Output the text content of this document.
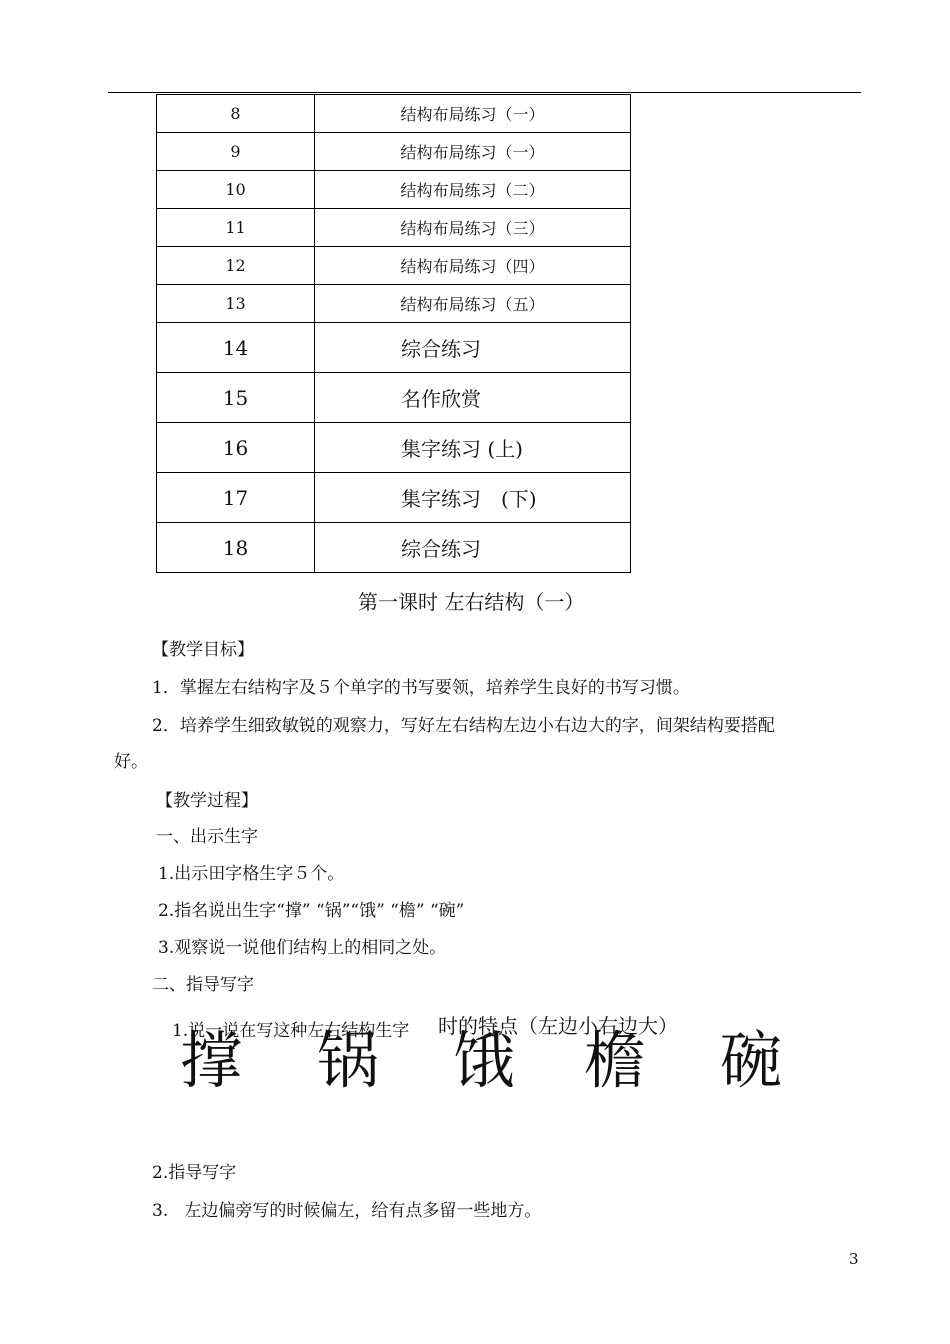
8	结构布局练习（一）
9	结构布局练习（一）
10	结构布局练习（二）
11	结构布局练习（三）
12	结构布局练习（四）
13	结构布局练习（五）
14	综合练习
15	名作欣赏
16	集字练习 (上)
17	集字练习　(下)
18	综合练习
第一课时 左右结构（一）
【教学目标】
1．掌握左右结构字及５个单字的书写要领，培养学生良好的书写习惯。
2．培养学生细致敏锐的观察力，写好左右结构左边小右边大的字，间架结构要搭配
好。
【教学过程】
一、出示生字
1.出示田字格生字５个。
2.指名说出生字“撑” “锅”“饿” “檐” “碗”
3.观察说一说他们结构上的相同之处。
二、指导写字
1.说一说在写这种左右结构生字 时的特点（左边小右边大）
撑 锅 饿 檐 碗
2.指导写字
3.   左边偏旁写的时候偏左，给有点多留一些地方。
3
